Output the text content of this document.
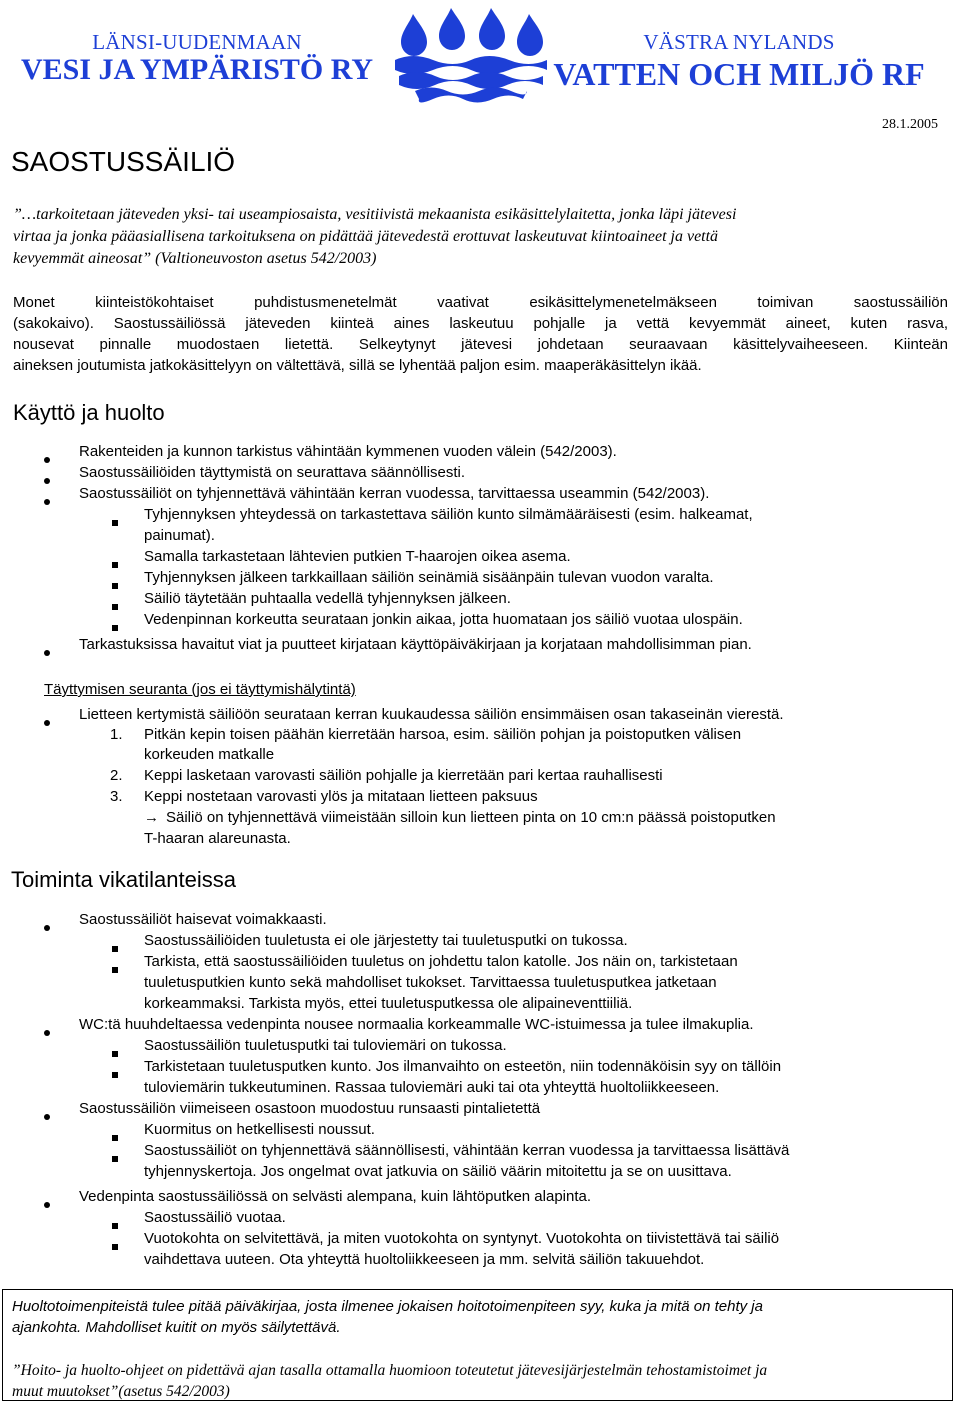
LÄNSI-UUDENMAAN
VESI JA YMPÄRISTÖ RY
VÄSTRA NYLANDS
VATTEN OCH MILJÖ RF
28.1.2005
SAOSTUSSÄILIÖ
”…tarkoitetaan jäteveden yksi- tai useampiosaista, vesitiivistä mekaanista esikäsittelylaitetta, jonka läpi jätevesi
virtaa ja jonka pääasiallisena tarkoituksena on pidättää jätevedestä erottuvat laskeutuvat kiintoaineet ja vettä
kevyemmät aineosat” (Valtioneuvoston asetus 542/2003)
Monet kiinteistökohtaiset puhdistusmenetelmät vaativat esikäsittelymenetelmäkseen toimivan saostussäiliön
(sakokaivo). Saostussäiliössä jäteveden kiinteä aines laskeutuu pohjalle ja vettä kevyemmät aineet, kuten rasva,
nousevat pinnalle muodostaen lietettä. Selkeytynyt jätevesi johdetaan seuraavaan käsittelyvaiheeseen. Kiinteän
aineksen joutumista jatkokäsittelyyn on vältettävä, sillä se lyhentää paljon esim. maaperäkäsittelyn ikää.
Käyttö ja huolto
Rakenteiden ja kunnon tarkistus vähintään kymmenen vuoden välein (542/2003).
Saostussäiliöiden täyttymistä on seurattava säännöllisesti.
Saostussäiliöt on tyhjennettävä vähintään kerran vuodessa, tarvittaessa useammin (542/2003).
Tyhjennyksen yhteydessä on tarkastettava säiliön kunto silmämääräisesti (esim. halkeamat,
painumat).
Samalla tarkastetaan lähtevien putkien T-haarojen oikea asema.
Tyhjennyksen jälkeen tarkkaillaan säiliön seinämiä sisäänpäin tulevan vuodon varalta.
Säiliö täytetään puhtaalla vedellä tyhjennyksen jälkeen.
Vedenpinnan korkeutta seurataan jonkin aikaa, jotta huomataan jos säiliö vuotaa ulospäin.
Tarkastuksissa havaitut viat ja puutteet kirjataan käyttöpäiväkirjaan ja korjataan mahdollisimman pian.
Täyttymisen seuranta (jos ei täyttymishälytintä)
Lietteen kertymistä säiliöön seurataan kerran kuukaudessa säiliön ensimmäisen osan takaseinän vierestä.
1. Pitkän kepin toisen päähän kierretään harsoa, esim. säiliön pohjan ja poistoputken välisen
korkeuden matkalle
2. Keppi lasketaan varovasti säiliön pohjalle ja kierretään pari kertaa rauhallisesti
3. Keppi nostetaan varovasti ylös ja mitataan lietteen paksuus
→ Säiliö on tyhjennettävä viimeistään silloin kun lietteen pinta on 10 cm:n päässä poistoputken
T-haaran alareunasta.
Toiminta vikatilanteissa
Saostussäiliöt haisevat voimakkaasti.
Saostussäiliöiden tuuletusta ei ole järjestetty tai tuuletusputki on tukossa.
Tarkista, että saostussäiliöiden tuuletus on johdettu talon katolle. Jos näin on, tarkistetaan
tuuletusputkien kunto sekä mahdolliset tukokset. Tarvittaessa tuuletusputkea jatketaan
korkeammaksi. Tarkista myös, ettei tuuletusputkessa ole alipaineventtiiliä.
WC:tä huuhdeltaessa vedenpinta nousee normaalia korkeammalle WC-istuimessa ja tulee ilmakuplia.
Saostussäiliön tuuletusputki tai tuloviemäri on tukossa.
Tarkistetaan tuuletusputken kunto. Jos ilmanvaihto on esteetön, niin todennäköisin syy on tällöin
tuloviemärin tukkeutuminen. Rassaa tuloviemäri auki tai ota yhteyttä huoltoliikkeeseen.
Saostussäiliön viimeiseen osastoon muodostuu runsaasti pintalietettä
Kuormitus on hetkellisesti noussut.
Saostussäiliöt on tyhjennettävä säännöllisesti, vähintään kerran vuodessa ja tarvittaessa lisättävä
tyhjennyskertoja. Jos ongelmat ovat jatkuvia on säiliö väärin mitoitettu ja se on uusittava.
Vedenpinta saostussäiliössä on selvästi alempana, kuin lähtöputken alapinta.
Saostussäiliö vuotaa.
Vuotokohta on selvitettävä, ja miten vuotokohta on syntynyt. Vuotokohta on tiivistettävä tai säiliö
vaihdettava uuteen. Ota yhteyttä huoltoliikkeeseen ja mm. selvitä säiliön takuuehdot.
Huoltotoimenpiteistä tulee pitää päiväkirjaa, josta ilmenee jokaisen hoitotoimenpiteen syy, kuka ja mitä on tehty ja
ajankohta. Mahdolliset kuitit on myös säilytettävä.
”Hoito- ja huolto-ohjeet on pidettävä ajan tasalla ottamalla huomioon toteutetut jätevesijärjestelmän tehostamistoimet ja
muut muutokset”(asetus 542/2003)
